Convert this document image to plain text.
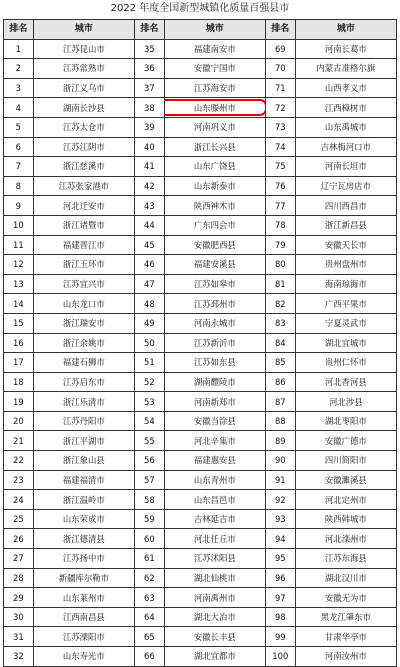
2022 年度全国新型城镇化质量百强县市
排名	城市	排名	城市	排名	城市
1	江苏昆山市	35	福建南安市	69	河南长葛市
2	江苏常熟市	36	安徽宁国市	70	内蒙古准格尔旗
3	浙江义乌市	37	江苏海安市	71	山西孝义市
4	湖南长沙县	38	山东滕州市	72	江西樟树市
5	江苏太仓市	39	河南巩义市	73	山东禹城市
6	江苏江阴市	40	浙江长兴县	74	吉林梅河口市
7	浙江慈溪市	41	山东广饶县	75	河南长垣市
8	江苏张家港市	42	山东新泰市	76	辽宁瓦房店市
9	河北迁安市	43	陕西神木市	77	四川西昌市
10	浙江诸暨市	44	广东四会市	78	浙江新昌县
11	福建晋江市	45	安徽肥西县	79	安徽天长市
12	浙江玉环市	46	福建安溪县	80	贵州盘州市
13	江苏宜兴市	47	江苏如皋市	81	海南琼海市
14	山东龙口市	48	江苏邳州市	82	广西平果市
15	浙江瑞安市	49	河南永城市	83	宁夏灵武市
16	浙江余姚市	50	江苏新沂市	84	湖北宜城市
17	福建石狮市	51	江苏如东县	85	贵州仁怀市
18	江苏启东市	52	湖南醴陵市	86	河北香河县
19	浙江乐清市	53	河南新郑市	87	河北涉县
20	江苏丹阳市	54	安徽当涂县	88	湖北枣阳市
21	浙江平湖市	55	河北辛集市	89	安徽广德市
22	浙江象山县	56	福建惠安县	90	四川简阳市
23	福建福清市	57	山东青州市	91	安徽濉溪县
24	浙江温岭市	58	山东昌邑市	92	河北定州市
25	山东荣成市	59	吉林延吉市	93	陕西韩城市
26	浙江德清县	60	河北任丘市	94	河北滦州市
27	江苏扬中市	61	江苏沭阳县	95	江苏东海县
28	新疆库尔勒市	62	湖北仙桃市	96	湖北汉川市
29	山东莱州市	63	河南禹州市	97	安徽无为市
30	江西南昌县	64	湖北大冶市	98	黑龙江肇东市
31	江苏溧阳市	65	安徽长丰县	99	甘肃华亭市
32	山东寿光市	66	湖北宜都市	100	河南汝州市
